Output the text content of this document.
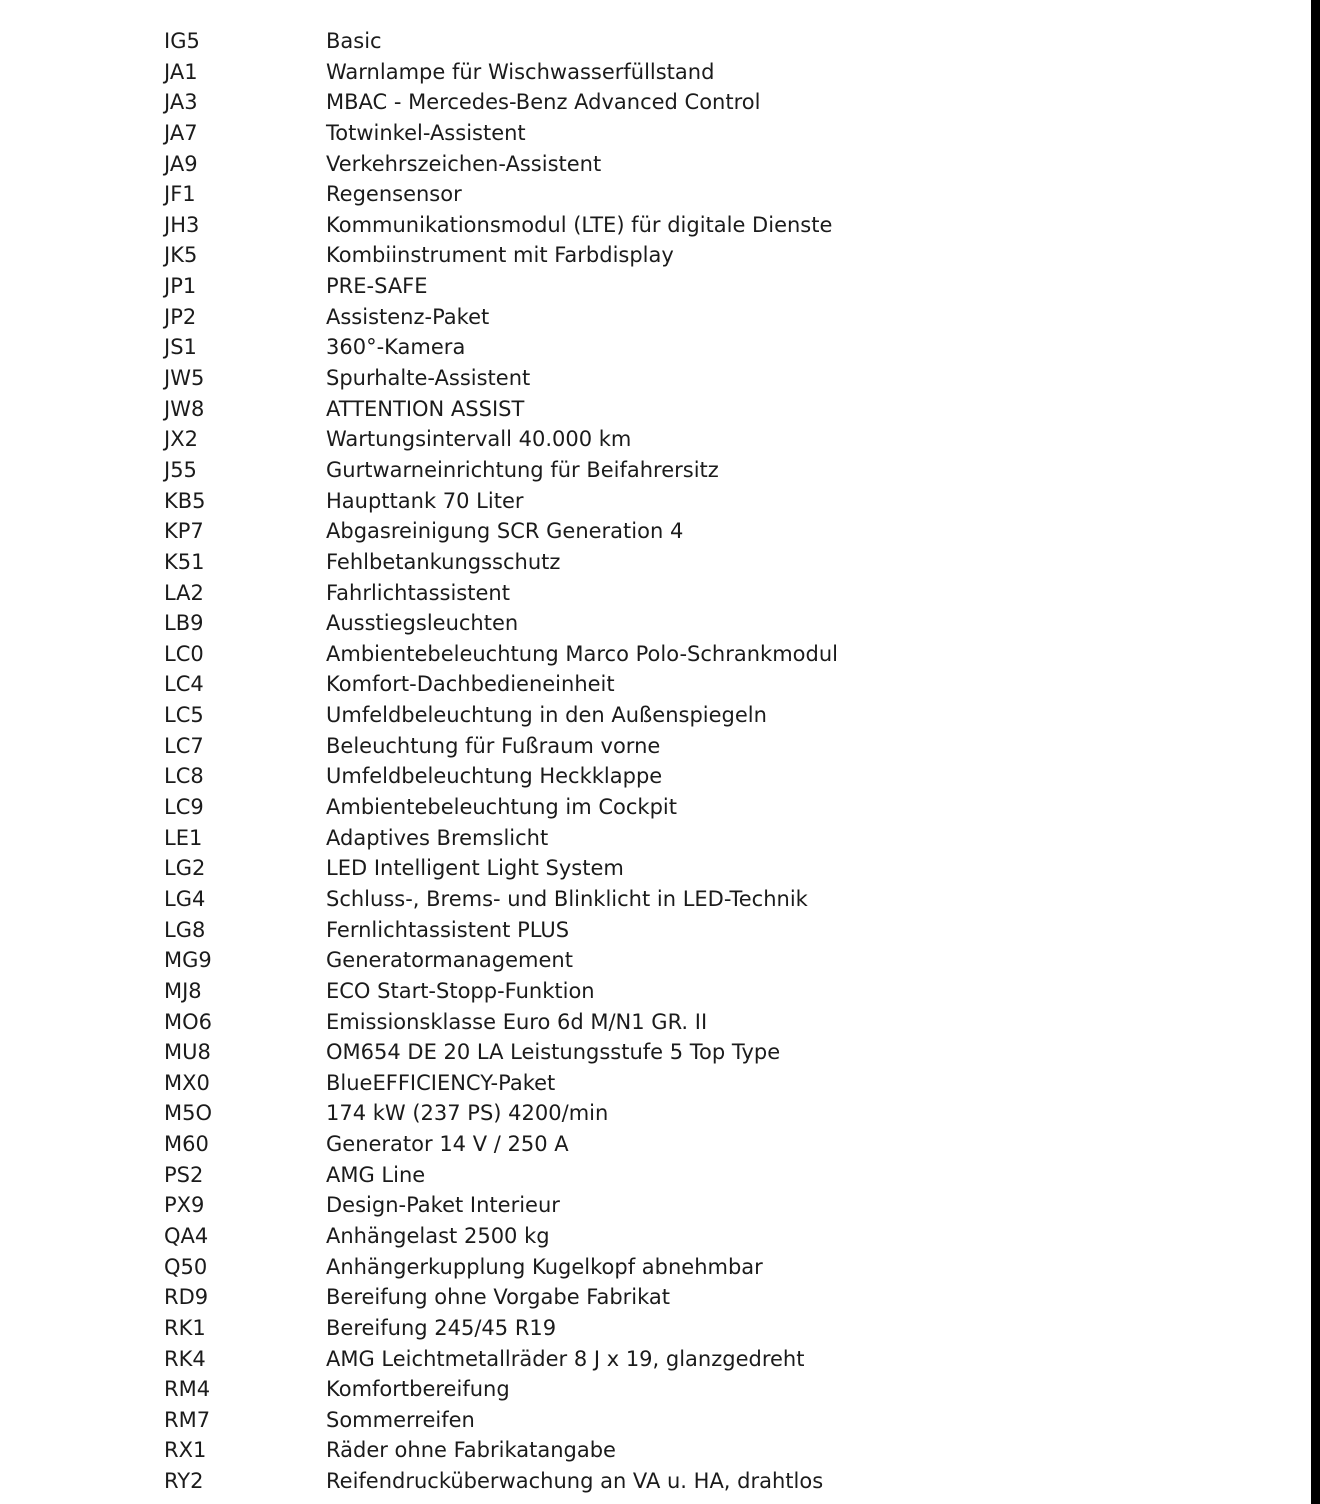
IG5	Basic
JA1	Warnlampe für Wischwasserfüllstand
JA3	MBAC - Mercedes-Benz Advanced Control
JA7	Totwinkel-Assistent
JA9	Verkehrszeichen-Assistent
JF1	Regensensor
JH3	Kommunikationsmodul (LTE) für digitale Dienste
JK5	Kombiinstrument mit Farbdisplay
JP1	PRE-SAFE
JP2	Assistenz-Paket
JS1	360°-Kamera
JW5	Spurhalte-Assistent
JW8	ATTENTION ASSIST
JX2	Wartungsintervall 40.000 km
J55	Gurtwarneinrichtung für Beifahrersitz
KB5	Haupttank 70 Liter
KP7	Abgasreinigung SCR Generation 4
K51	Fehlbetankungsschutz
LA2	Fahrlichtassistent
LB9	Ausstiegsleuchten
LC0	Ambientebeleuchtung Marco Polo-Schrankmodul
LC4	Komfort-Dachbedieneinheit
LC5	Umfeldbeleuchtung in den Außenspiegeln
LC7	Beleuchtung für Fußraum vorne
LC8	Umfeldbeleuchtung Heckklappe
LC9	Ambientebeleuchtung im Cockpit
LE1	Adaptives Bremslicht
LG2	LED Intelligent Light System
LG4	Schluss-, Brems- und Blinklicht in LED-Technik
LG8	Fernlichtassistent PLUS
MG9	Generatormanagement
MJ8	ECO Start-Stopp-Funktion
MO6	Emissionsklasse Euro 6d M/N1 GR. II
MU8	OM654 DE 20 LA Leistungsstufe 5 Top Type
MX0	BlueEFFICIENCY-Paket
M5O	174 kW (237 PS) 4200/min
M60	Generator 14 V / 250 A
PS2	AMG Line
PX9	Design-Paket Interieur
QA4	Anhängelast 2500 kg
Q50	Anhängerkupplung Kugelkopf abnehmbar
RD9	Bereifung ohne Vorgabe Fabrikat
RK1	Bereifung 245/45 R19
RK4	AMG Leichtmetallräder 8 J x 19, glanzgedreht
RM4	Komfortbereifung
RM7	Sommerreifen
RX1	Räder ohne Fabrikatangabe
RY2	Reifendrucküberwachung an VA u. HA, drahtlos
